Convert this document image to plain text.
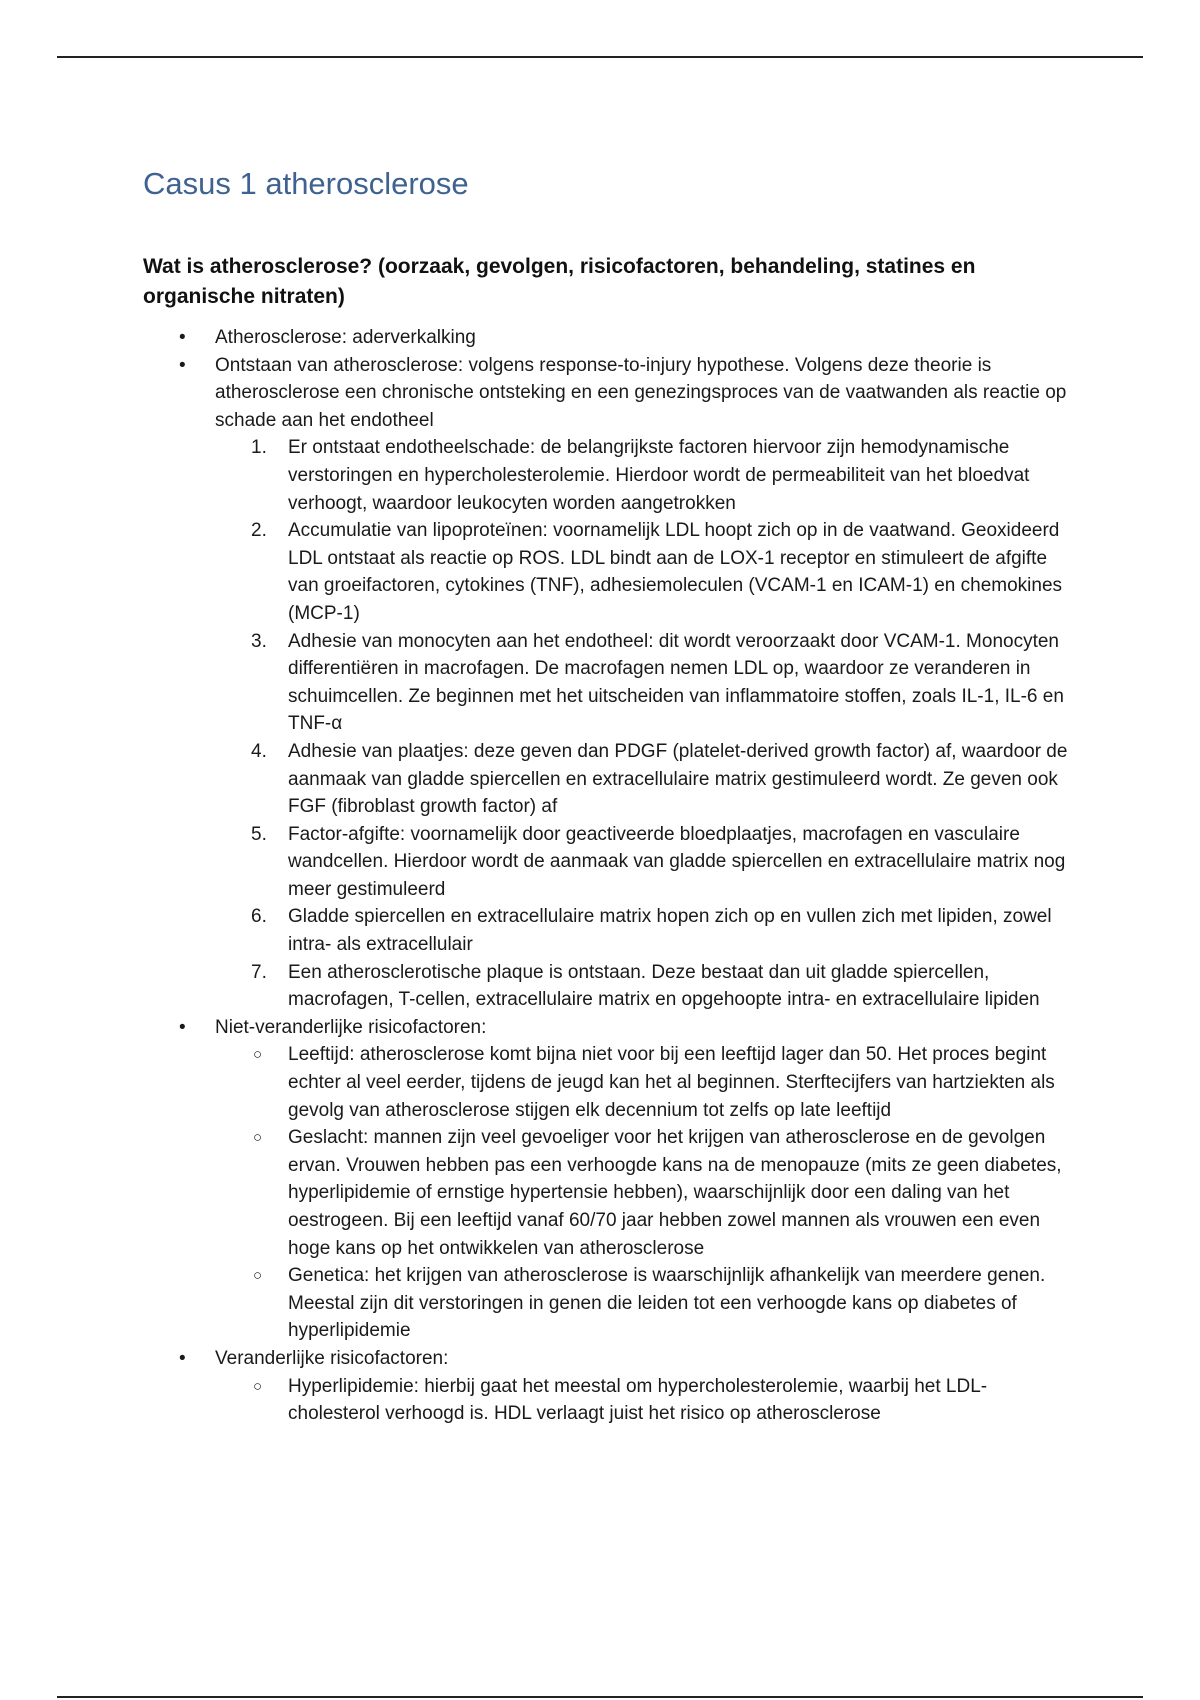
Casus 1 atherosclerose
Wat is atherosclerose? (oorzaak, gevolgen, risicofactoren, behandeling, statines en organische nitraten)
•	Atherosclerose: aderverkalking
•	Ontstaan van atherosclerose: volgens response-to-injury hypothese. Volgens deze theorie is atherosclerose een chronische ontsteking en een genezingsproces van de vaatwanden als reactie op schade aan het endotheel
1.	Er ontstaat endotheelschade: de belangrijkste factoren hiervoor zijn hemodynamische verstoringen en hypercholesterolemie. Hierdoor wordt de permeabiliteit van het bloedvat verhoogt, waardoor leukocyten worden aangetrokken
2.	Accumulatie van lipoproteïnen: voornamelijk LDL hoopt zich op in de vaatwand. Geoxideerd LDL ontstaat als reactie op ROS. LDL bindt aan de LOX-1 receptor en stimuleert de afgifte van groeifactoren, cytokines (TNF), adhesiemoleculen (VCAM-1 en ICAM-1) en chemokines (MCP-1)
3.	Adhesie van monocyten aan het endotheel: dit wordt veroorzaakt door VCAM-1. Monocyten differentiëren in macrofagen. De macrofagen nemen LDL op, waardoor ze veranderen in schuimcellen. Ze beginnen met het uitscheiden van inflammatoire stoffen, zoals IL-1, IL-6 en TNF-α
4.	Adhesie van plaatjes: deze geven dan PDGF (platelet-derived growth factor) af, waardoor de aanmaak van gladde spiercellen en extracellulaire matrix gestimuleerd wordt. Ze geven ook FGF (fibroblast growth factor) af
5.	Factor-afgifte: voornamelijk door geactiveerde bloedplaatjes, macrofagen en vasculaire wandcellen. Hierdoor wordt de aanmaak van gladde spiercellen en extracellulaire matrix nog meer gestimuleerd
6.	Gladde spiercellen en extracellulaire matrix hopen zich op en vullen zich met lipiden, zowel intra- als extracellulair
7.	Een atherosclerotische plaque is ontstaan. Deze bestaat dan uit gladde spiercellen, macrofagen, T-cellen, extracellulaire matrix en opgehoopte intra- en extracellulaire lipiden
•	Niet-veranderlijke risicofactoren:
○	Leeftijd: atherosclerose komt bijna niet voor bij een leeftijd lager dan 50. Het proces begint echter al veel eerder, tijdens de jeugd kan het al beginnen. Sterftecijfers van hartziekten als gevolg van atherosclerose stijgen elk decennium tot zelfs op late leeftijd
○	Geslacht: mannen zijn veel gevoeliger voor het krijgen van atherosclerose en de gevolgen ervan. Vrouwen hebben pas een verhoogde kans na de menopauze (mits ze geen diabetes, hyperlipidemie of ernstige hypertensie hebben), waarschijnlijk door een daling van het oestrogeen. Bij een leeftijd vanaf 60/70 jaar hebben zowel mannen als vrouwen een even hoge kans op het ontwikkelen van atherosclerose
○	Genetica: het krijgen van atherosclerose is waarschijnlijk afhankelijk van meerdere genen. Meestal zijn dit verstoringen in genen die leiden tot een verhoogde kans op diabetes of hyperlipidemie
•	Veranderlijke risicofactoren:
○	Hyperlipidemie: hierbij gaat het meestal om hypercholesterolemie, waarbij het LDL-cholesterol verhoogd is. HDL verlaagt juist het risico op atherosclerose
